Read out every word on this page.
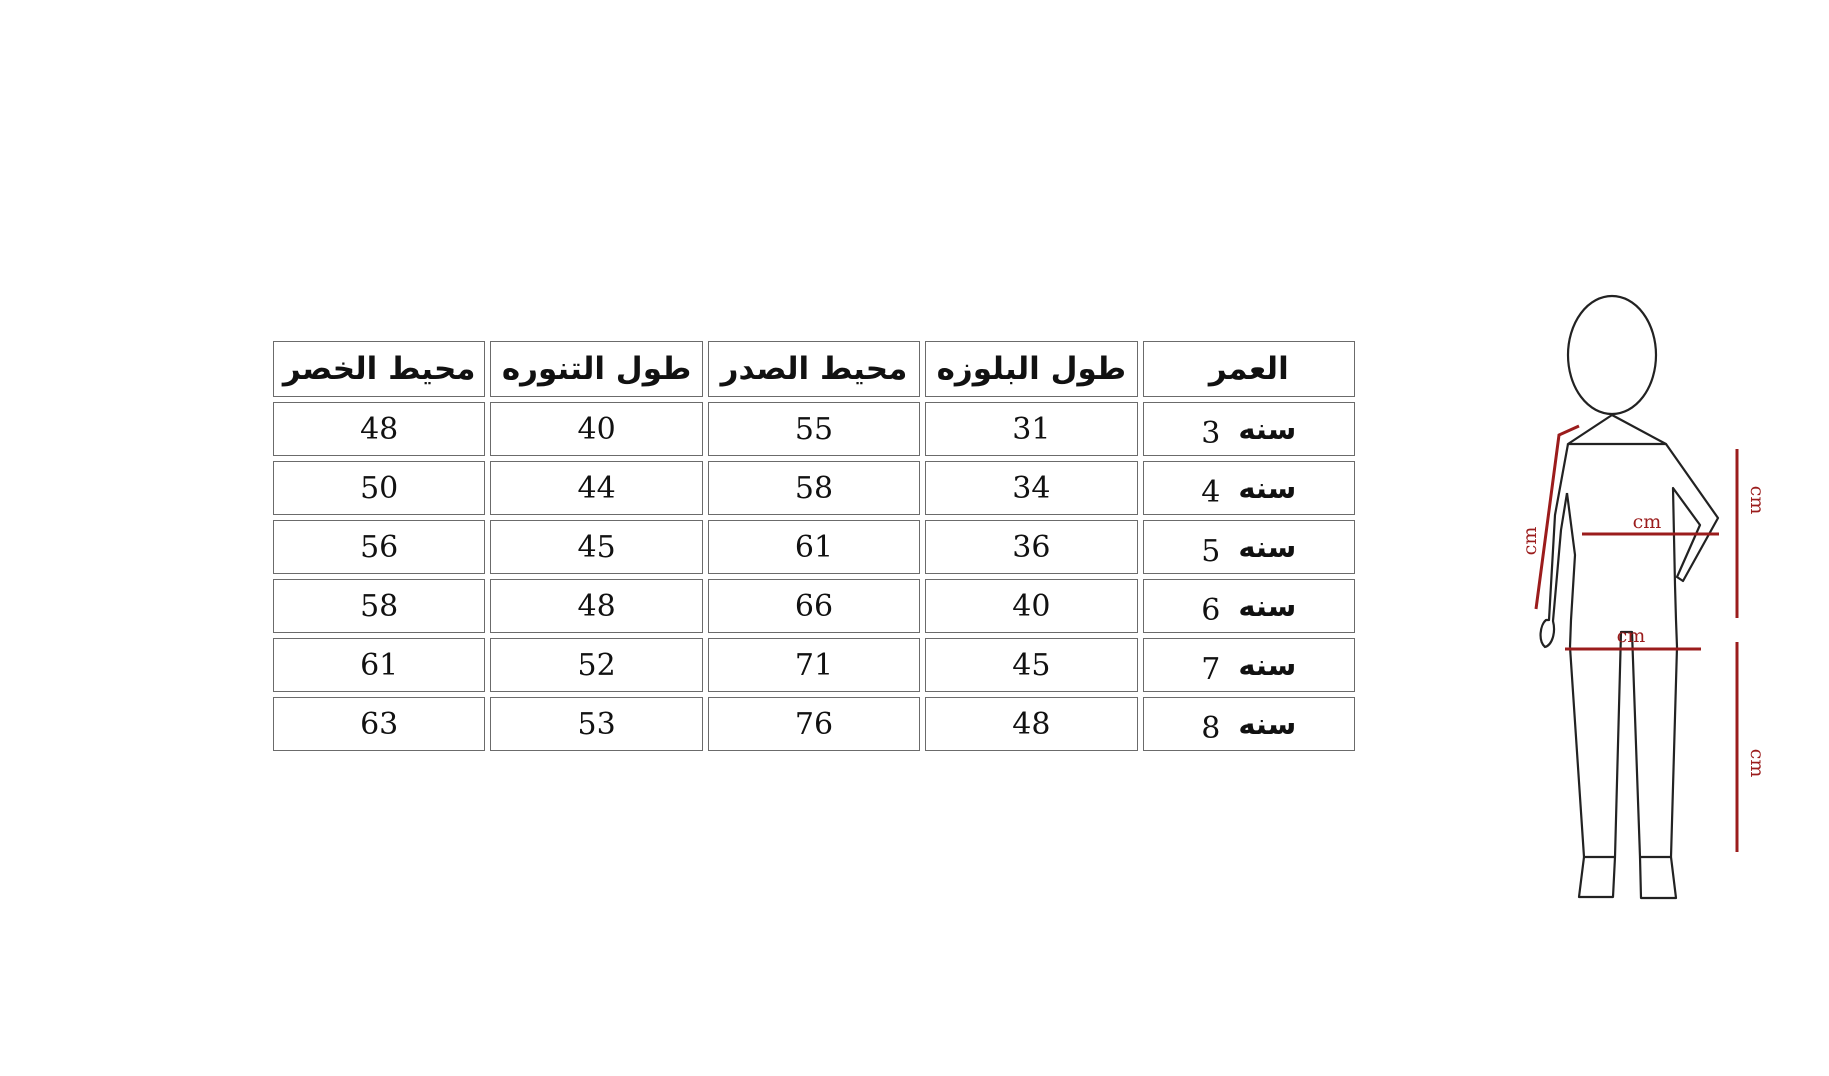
محيط الخصر	طول التنوره	محيط الصدر	طول البلوزه	العمر
48	40	55	31	سنه3
50	44	58	34	سنه4
56	45	61	36	سنه5
58	48	66	40	سنه6
61	52	71	45	سنه7
63	53	76	48	سنه8
cm
cm
cm
cm
cm
